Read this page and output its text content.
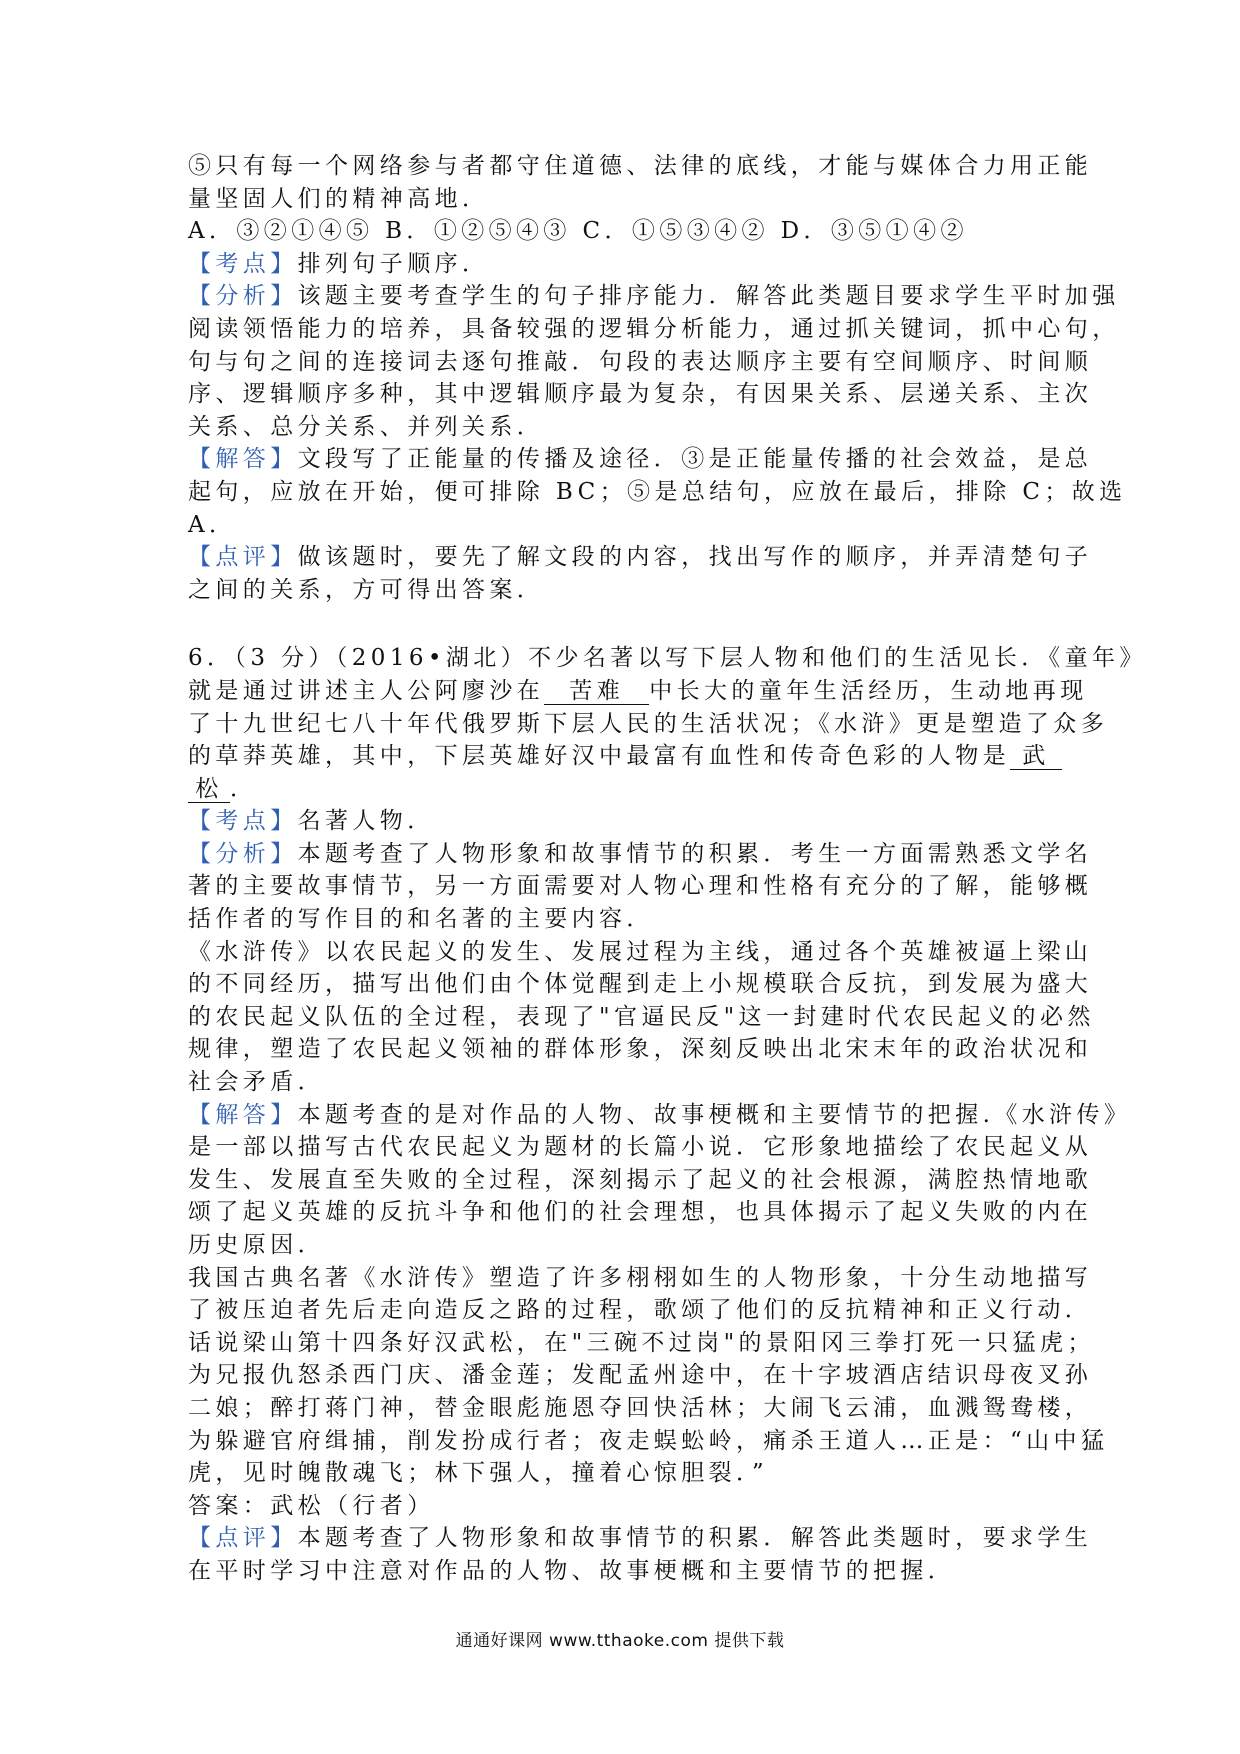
⑤只有每一个网络参与者都守住道德、法律的底线，才能与媒体合力用正能
量坚固人们的精神高地．
A．③②①④⑤ B．①②⑤④③ C．①⑤③④② D．③⑤①④②
【考点】排列句子顺序．
【分析】该题主要考查学生的句子排序能力．解答此类题目要求学生平时加强
阅读领悟能力的培养，具备较强的逻辑分析能力，通过抓关键词，抓中心句，
句与句之间的连接词去逐句推敲．句段的表达顺序主要有空间顺序、时间顺
序、逻辑顺序多种，其中逻辑顺序最为复杂，有因果关系、层递关系、主次
关系、总分关系、并列关系．
【解答】文段写了正能量的传播及途径．③是正能量传播的社会效益，是总
起句，应放在开始，便可排除 BC；⑤是总结句，应放在最后，排除 C；故选
A．
【点评】做该题时，要先了解文段的内容，找出写作的顺序，并弄清楚句子
之间的关系，方可得出答案．
6．（3 分）（2016•湖北）不少名著以写下层人物和他们的生活见长．《童年》
就是通过讲述主人公阿廖沙在 苦难 中长大的童年生活经历，生动地再现
了十九世纪七八十年代俄罗斯下层人民的生活状况；《水浒》更是塑造了众多
的草莽英雄，其中，下层英雄好汉中最富有血性和传奇色彩的人物是 武
松 ．
【考点】名著人物．
【分析】本题考查了人物形象和故事情节的积累．考生一方面需熟悉文学名
著的主要故事情节，另一方面需要对人物心理和性格有充分的了解，能够概
括作者的写作目的和名著的主要内容．
《水浒传》以农民起义的发生、发展过程为主线，通过各个英雄被逼上梁山
的不同经历，描写出他们由个体觉醒到走上小规模联合反抗，到发展为盛大
的农民起义队伍的全过程，表现了"官逼民反"这一封建时代农民起义的必然
规律，塑造了农民起义领袖的群体形象，深刻反映出北宋末年的政治状况和
社会矛盾．
【解答】本题考查的是对作品的人物、故事梗概和主要情节的把握.《水浒传》
是一部以描写古代农民起义为题材的长篇小说．它形象地描绘了农民起义从
发生、发展直至失败的全过程，深刻揭示了起义的社会根源，满腔热情地歌
颂了起义英雄的反抗斗争和他们的社会理想，也具体揭示了起义失败的内在
历史原因．
我国古典名著《水浒传》塑造了许多栩栩如生的人物形象，十分生动地描写
了被压迫者先后走向造反之路的过程，歌颂了他们的反抗精神和正义行动．
话说梁山第十四条好汉武松，在"三碗不过岗"的景阳冈三拳打死一只猛虎；
为兄报仇怒杀西门庆、潘金莲；发配孟州途中，在十字坡酒店结识母夜叉孙
二娘；醉打蒋门神，替金眼彪施恩夺回快活林；大闹飞云浦，血溅鸳鸯楼，
为躲避官府缉捕，削发扮成行者；夜走蜈蚣岭，痛杀王道人…正是：“山中猛
虎，见时魄散魂飞；林下强人，撞着心惊胆裂．”
答案：武松（行者）
【点评】本题考查了人物形象和故事情节的积累．解答此类题时，要求学生
在平时学习中注意对作品的人物、故事梗概和主要情节的把握．
通通好课网 www.tthaoke.com 提供下载
